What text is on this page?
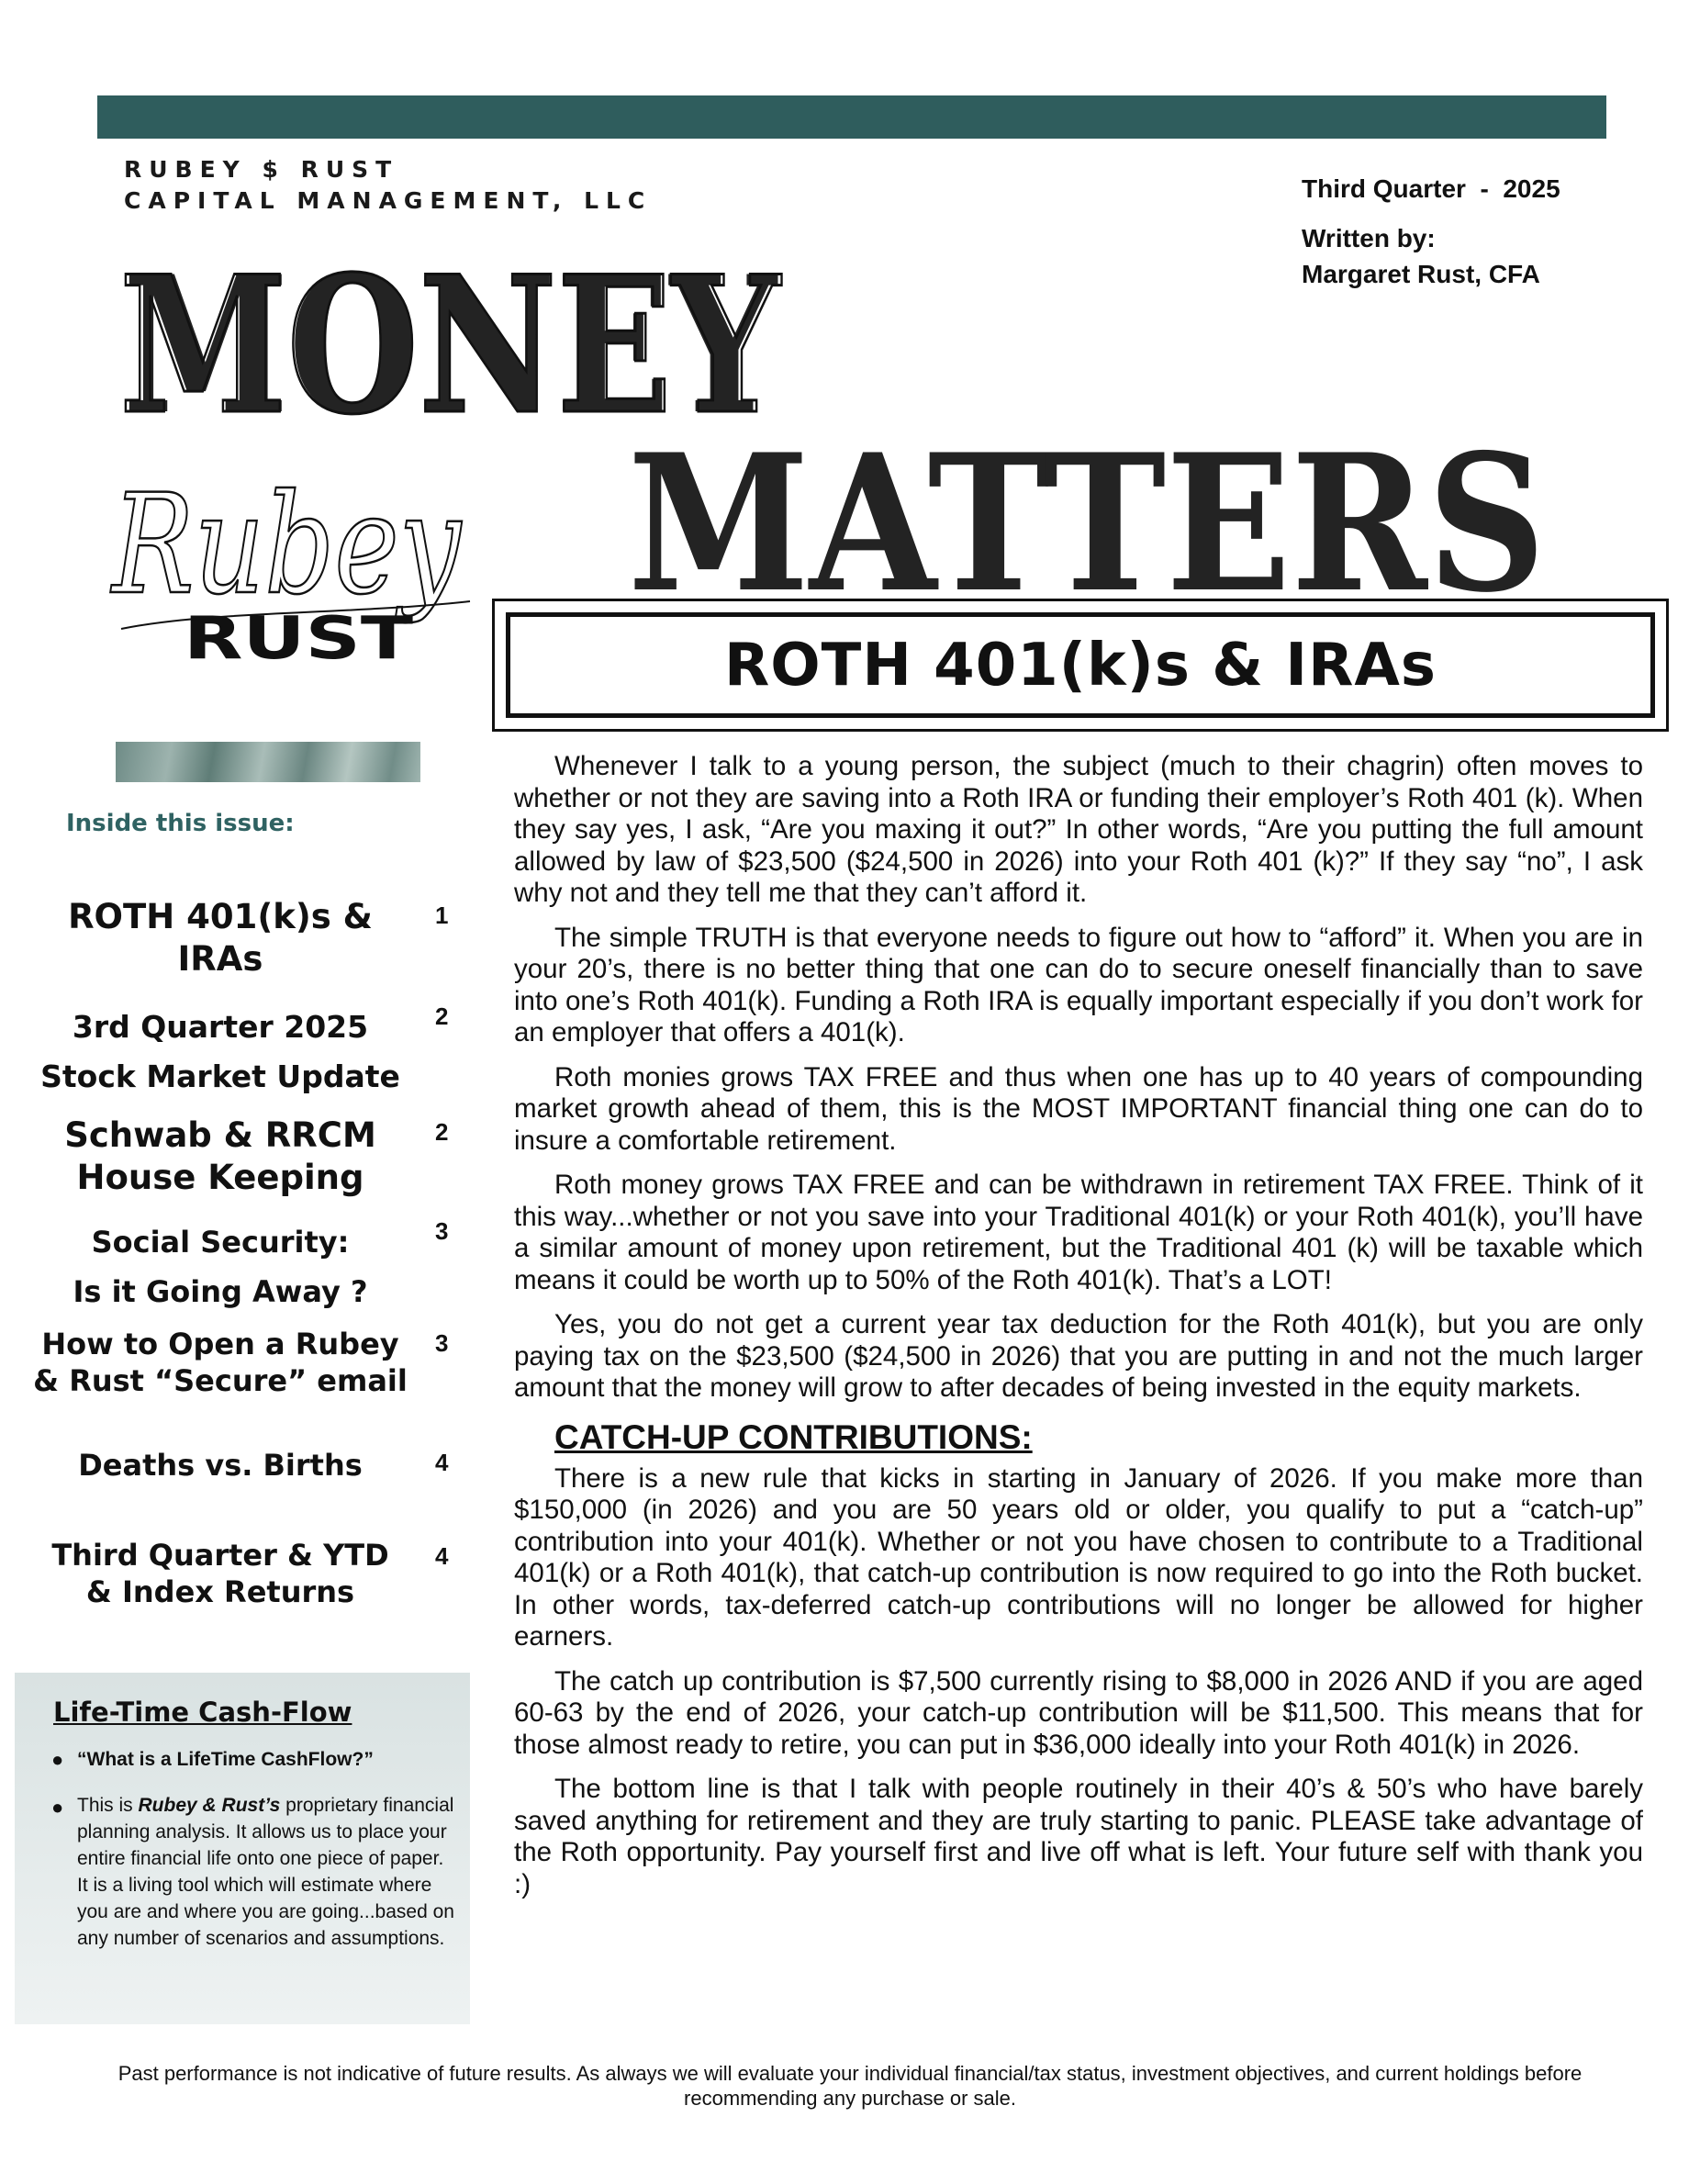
RUBEY $ RUST
CAPITAL MANAGEMENT, LLC	Third Quarter  -  2025
Written by:
Margaret Rust, CFA
MONEY
MONEY
MATTERS
Rubey
RUST	ROTH 401(k)s & IRAs
Inside this issue:
ROTH 401(k)s &
IRAs
1
3rd Quarter 2025
Stock Market Update
2
Schwab & RRCM
House Keeping
2
Social Security:
Is it Going Away ?
3
How to Open a Rubey
& Rust “Secure” email
3
Deaths vs. Births	4
Third Quarter & YTD
& Index Returns
4
Life-Time Cash-Flow
● “What is a LifeTime CashFlow?”
● This is Rubey & Rust’s proprietary financial planning analysis. It allows us to place your entire financial life onto one piece of paper. It is a living tool which will estimate where you are and where you are going...based on any number of scenarios and assumptions.

Whenever I talk to a young person, the subject (much to their chagrin) often moves to whether or not they are saving into a Roth IRA or funding their employer’s Roth 401 (k). When they say yes, I ask, “Are you maxing it out?” In other words, “Are you putting the full amount allowed by law of $23,500 ($24,500 in 2026) into your Roth 401 (k)?” If they say “no”, I ask why not and they tell me that they can’t afford it.

The simple TRUTH is that everyone needs to figure out how to “afford” it. When you are in your 20’s, there is no better thing that one can do to secure oneself financially than to save into one’s Roth 401(k). Funding a Roth IRA is equally important especially if you don’t work for an employer that offers a 401(k).

Roth monies grows TAX FREE and thus when one has up to 40 years of compounding market growth ahead of them, this is the MOST IMPORTANT financial thing one can do to insure a comfortable retirement.

Roth money grows TAX FREE and can be withdrawn in retirement TAX FREE. Think of it this way...whether or not you save into your Traditional 401(k) or your Roth 401(k), you’ll have a similar amount of money upon retirement, but the Traditional 401 (k) will be taxable which means it could be worth up to 50% of the Roth 401(k). That’s a LOT!

Yes, you do not get a current year tax deduction for the Roth 401(k), but you are only paying tax on the $23,500 ($24,500 in 2026) that you are putting in and not the much larger amount that the money will grow to after decades of being invested in the equity markets.

CATCH-UP CONTRIBUTIONS:

There is a new rule that kicks in starting in January of 2026. If you make more than $150,000 (in 2026) and you are 50 years old or older, you qualify to put a “catch-up” contribution into your 401(k). Whether or not you have chosen to contribute to a Traditional 401(k) or a Roth 401(k), that catch-up contribution is now required to go into the Roth bucket. In other words, tax-deferred catch-up contributions will no longer be allowed for higher earners.

The catch up contribution is $7,500 currently rising to $8,000 in 2026 AND if you are aged 60-63 by the end of 2026, your catch-up contribution will be $11,500. This means that for those almost ready to retire, you can put in $36,000 ideally into your Roth 401(k) in 2026.

The bottom line is that I talk with people routinely in their 40’s & 50’s who have barely saved anything for retirement and they are truly starting to panic. PLEASE take advantage of the Roth opportunity. Pay yourself first and live off what is left. Your future self with thank you :)

Past performance is not indicative of future results. As always we will evaluate your individual financial/tax status, investment objectives, and current holdings before recommending any purchase or sale.
